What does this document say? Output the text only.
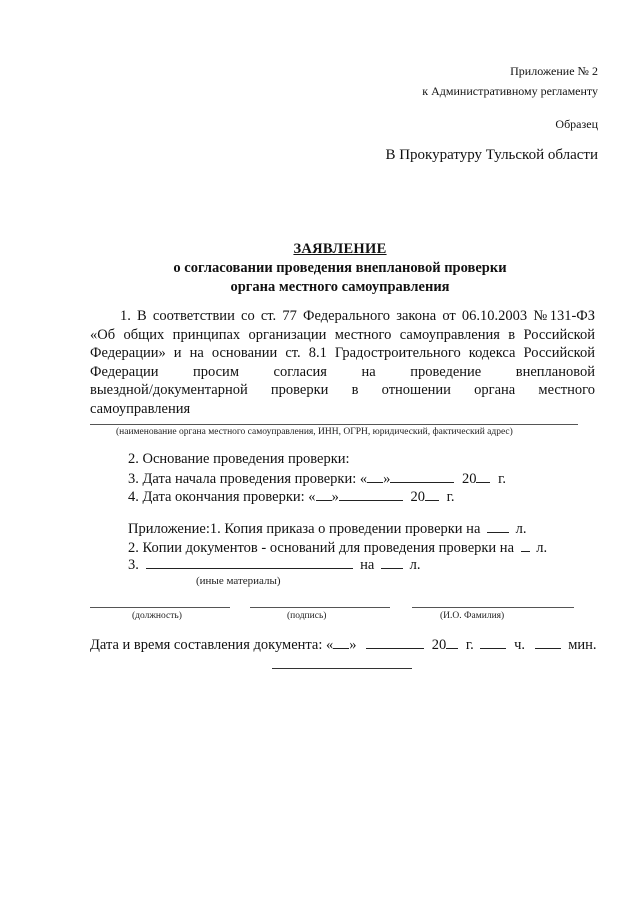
Приложение № 2
к Административному регламенту
Образец
В Прокуратуру Тульской области
ЗАЯВЛЕНИЕ
о согласовании проведения внеплановой проверки
органа местного самоуправления
1. В соответствии со ст. 77 Федерального закона от 06.10.2003 №131-ФЗ
«Об общих принципах организации местного самоуправления в Российской
Федерации» и на основании ст. 8.1 Градостроительного кодекса Российской
Федерации просим согласия на проведение внеплановой
выездной/документарной проверки в отношении органа местного
самоуправления
(наименование органа местного самоуправления, ИНН, ОГРН, юридический, фактический адрес)
2. Основание проведения проверки:
3. Дата начала проведения проверки: « »	20 г.
4. Дата окончания проверки: « »	20 г.
Приложение:1. Копия приказа о проведении проверки на л.
2. Копии документов - оснований для проведения проверки на л.
3.	на л.
(иные материалы)
(должность)	(подпись)	(И.О. Фамилия)
Дата и время составления документа: « »	20 г.	ч.	мин.
